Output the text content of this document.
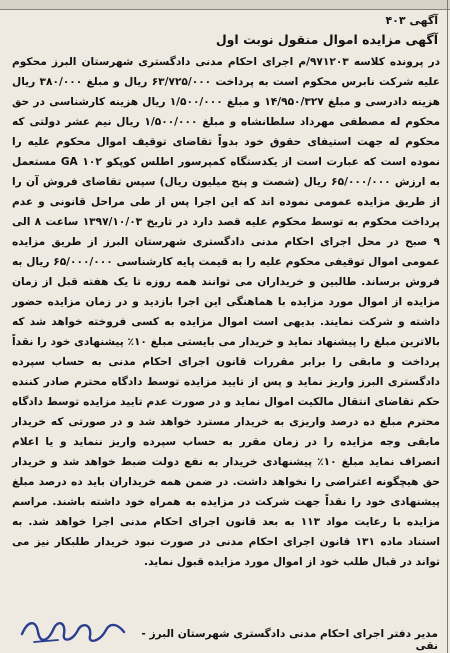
آگهی ۴۰۳
آگهی مزایده اموال منقول نوبت اول
در پرونده کلاسه ۹۷۱۲۰۳/م اجرای احکام مدنی دادگستری شهرستان البرز محکوم علیه شرکت نابرس محکوم است به پرداخت ۶۳/۷۲۵/۰۰۰ ریال و مبلغ ۳۸۰/۰۰۰ ریال هزینه دادرسی و مبلغ ۱۴/۹۵۰/۳۲۷ و مبلغ ۱/۵۰۰/۰۰۰ ریال هزینه کارشناسی در حق محکوم له مصطفی مهرداد سلطانشاه و مبلغ ۱/۵۰۰/۰۰۰ ریال نیم عشر دولتی که محکوم له جهت استیفای حقوق خود بدواً تقاضای توقیف اموال محکوم علیه را نموده است که عبارت است از یکدستگاه کمپرسور اطلس کوپکو GA ۱۰۲ مستعمل به ارزش ۶۵/۰۰۰/۰۰۰ ریال (شصت و پنج میلیون ریال) سپس تقاضای فروش آن را از طریق مزایده عمومی نموده اند که این اجرا پس از طی مراحل قانونی و عدم پرداخت محکوم به توسط محکوم علیه قصد دارد در تاریخ ۱۳۹۷/۱۰/۰۳ ساعت ۸ الی ۹ صبح در محل اجرای احکام مدنی دادگستری شهرستان البرز از طریق مزایده عمومی اموال توقیفی محکوم علیه را به قیمت پایه کارشناسی ۶۵/۰۰۰/۰۰۰ ریال به فروش برساند. طالبین و خریداران می توانند همه روزه تا یک هفته قبل از زمان مزایده از اموال مورد مزایده با هماهنگی این اجرا بازدید و در زمان مزایده حضور داشته و شرکت نمایند. بدیهی است اموال مزایده به کسی فروخته خواهد شد که بالاترین مبلغ را پیشنهاد نماید و خریدار می بایستی مبلغ ۱۰٪ پیشنهادی خود را نقداً پرداخت و مابقی را برابر مقررات قانون اجرای احکام مدنی به حساب سپرده دادگستری البرز واریز نماید و پس از تایید مزایده توسط دادگاه محترم صادر کننده حکم تقاضای انتقال مالکیت اموال نماید و در صورت عدم تایید مزایده توسط دادگاه محترم مبلغ ده درصد واریزی به خریدار مسترد خواهد شد و در صورتی که خریدار مابقی وجه مزایده را در زمان مقرر به حساب سپرده واریز ننماید و یا اعلام انصراف نماید مبلغ ۱۰٪ پیشنهادی خریدار به نفع دولت ضبط خواهد شد و خریدار حق هیچگونه اعتراضی را نخواهد داشت. در ضمن همه خریداران باید ده درصد مبلغ پیشنهادی خود را نقداً جهت شرکت در مزایده به همراه خود داشته باشند. مراسم مزایده با رعایت مواد ۱۱۳ به بعد قانون اجرای احکام مدنی اجرا خواهد شد. به استناد ماده ۱۳۱ قانون اجرای احکام مدنی در صورت نبود خریدار طلبکار نیز می تواند در قبال طلب خود از اموال مورد مزایده قبول نماید.
مدیر دفتر اجرای احکام مدنی دادگستری شهرستان البرز - نقی
